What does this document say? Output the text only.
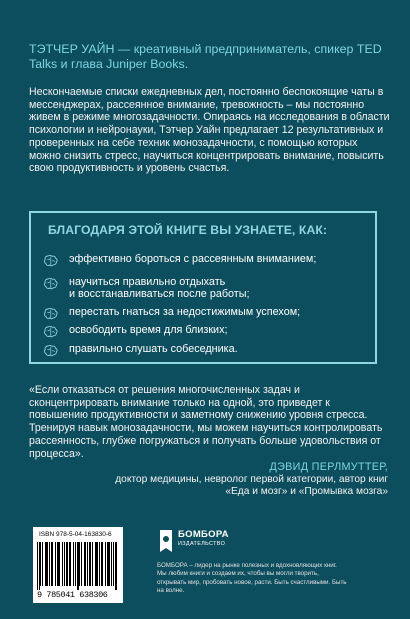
ТЭТЧЕР УАЙН — креативный предприниматель, спикер TED Talks и глава Juniper Books.
Нескончаемые списки ежедневных дел, постоянно беспокоящие чаты в мессенджерах, рассеянное внимание, тревожность – мы постоянно живем в режиме многозадачности. Опираясь на исследования в области психологии и нейронауки, Тэтчер Уайн предлагает 12 результативных и проверенных на себе техник монозадачности, с помощью которых можно снизить стресс, научиться концентрировать внимание, повысить свою продуктивность и уровень счастья.
БЛАГОДАРЯ ЭТОЙ КНИГЕ ВЫ УЗНАЕТЕ, КАК:
эффективно бороться с рассеянным вниманием;
научиться правильно отдыхать
и восстанавливаться после работы;
перестать гнаться за недостижимым успехом;
освободить время для близких;
правильно слушать собеседника.
«Если отказаться от решения многочисленных задач и сконцентрировать внимание только на одной, это приведет к повышению продуктивности и заметному снижению уровня стресса. Тренируя навык монозадачности, мы можем научиться контролировать рассеянность, глубже погружаться и получать больше удовольствия от процесса».
ДЭВИД ПЕРЛМУТТЕР,
доктор медицины, невролог первой категории, автор книг «Еда и мозг» и «Промывка мозга»
ISBN 978-5-04-163830-6
9 785041 638306
БОМБОРА
ИЗДАТЕЛЬСТВО
БОМБОРА – лидер на рынке полезных и вдохновляющих книг. Мы любим книги и создаем их, чтобы вы могли творить, открывать мир, пробовать новое, расти. Быть счастливыми. Быть на волне.
